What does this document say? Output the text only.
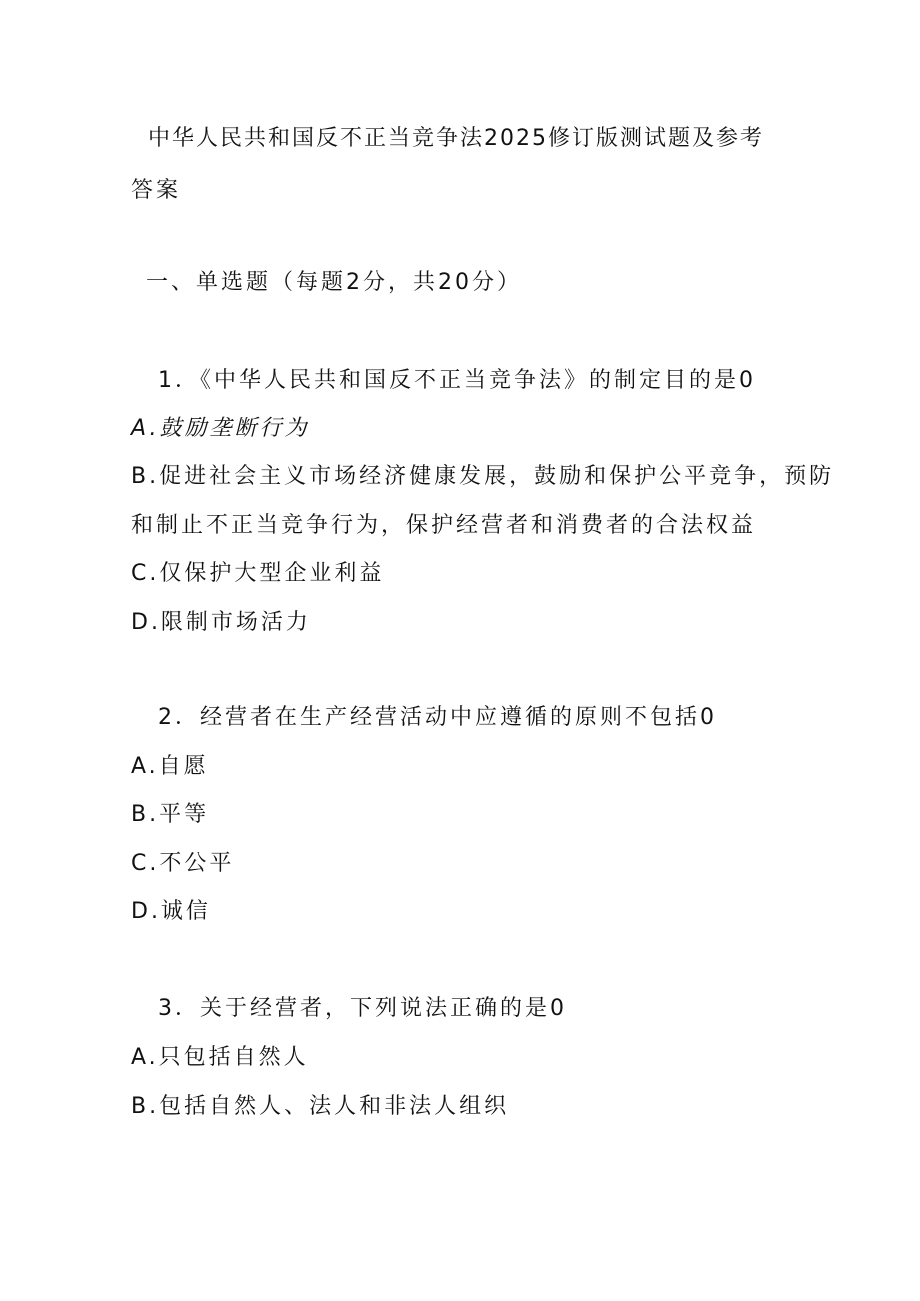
中华人民共和国反不正当竞争法2025修订版测试题及参考
答案
一、单选题（每题2分，共20分）
1．《中华人民共和国反不正当竞争法》的制定目的是0
A.鼓励垄断行为
B.促进社会主义市场经济健康发展，鼓励和保护公平竞争，预防
和制止不正当竞争行为，保护经营者和消费者的合法权益
C.仅保护大型企业利益
D.限制市场活力
2．经营者在生产经营活动中应遵循的原则不包括0
A.自愿
B.平等
C.不公平
D.诚信
3．关于经营者，下列说法正确的是0
A.只包括自然人
B.包括自然人、法人和非法人组织
